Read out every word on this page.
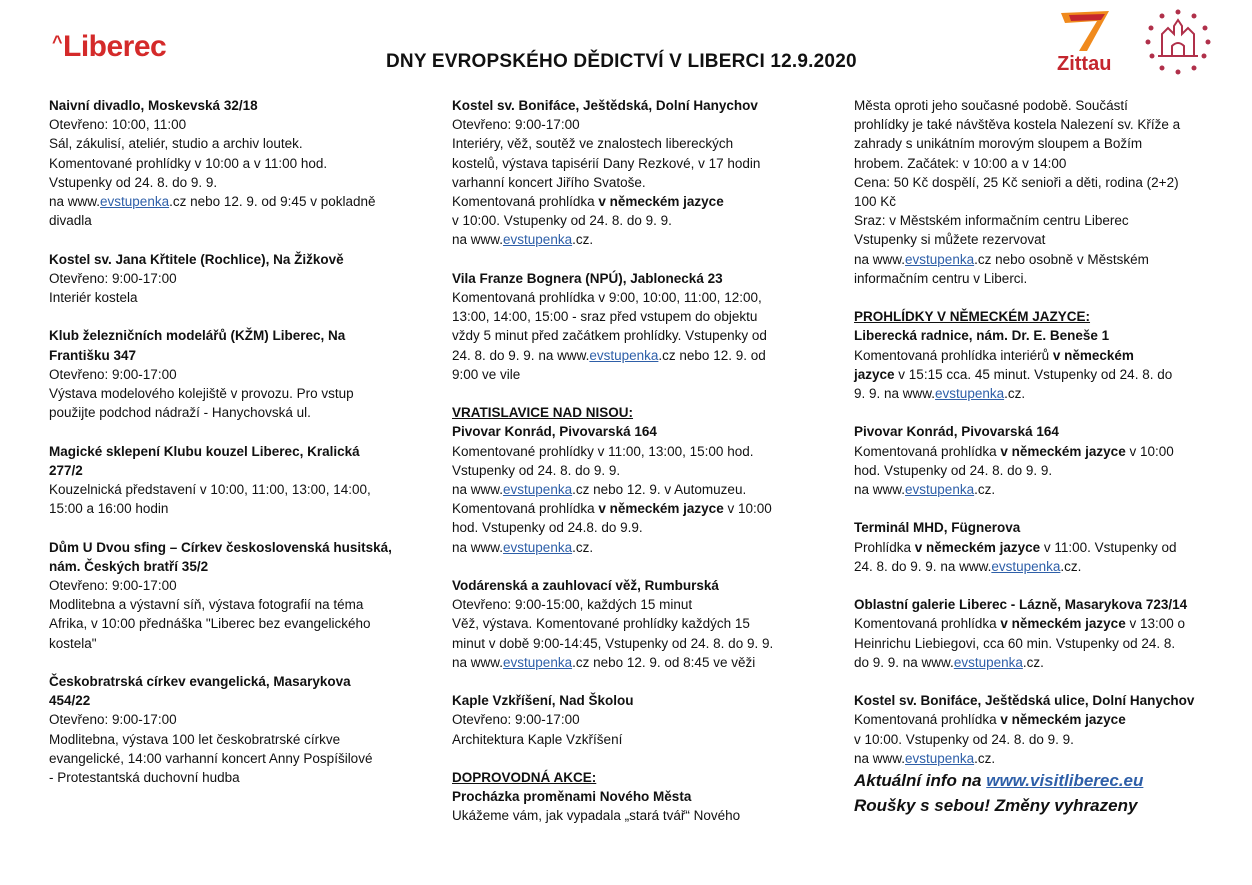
^Liberec	DNY EVROPSKÉHO DĚDICTVÍ V LIBERCI 12.9.2020	Zittau
Naivní divadlo, Moskevská 32/18
Otevřeno: 10:00, 11:00
Sál, zákulisí, ateliér, studio a archiv loutek.
Komentované prohlídky v 10:00 a v 11:00 hod.
Vstupenky od 24. 8. do 9. 9.
na www.evstupenka.cz nebo 12. 9. od 9:45 v pokladně
divadla
Kostel sv. Jana Křtitele (Rochlice), Na Žižkově
Otevřeno: 9:00-17:00
Interiér kostela
Klub železničních modelářů (KŽM) Liberec, Na
Františku 347
Otevřeno: 9:00-17:00
Výstava modelového kolejiště v provozu. Pro vstup
použijte podchod nádraží - Hanychovská ul.
Magické sklepení Klubu kouzel Liberec, Kralická
277/2
Kouzelnická představení v 10:00, 11:00, 13:00, 14:00,
15:00 a 16:00 hodin
Dům U Dvou sfing – Církev československá husitská,
nám. Českých bratří 35/2
Otevřeno: 9:00-17:00
Modlitebna a výstavní síň, výstava fotografií na téma
Afrika, v 10:00 přednáška "Liberec bez evangelického
kostela"
Českobratrská církev evangelická, Masarykova
454/22
Otevřeno: 9:00-17:00
Modlitebna, výstava 100 let českobratrské církve
evangelické, 14:00 varhanní koncert Anny Pospíšilové
- Protestantská duchovní hudba
Kostel sv. Bonifáce, Ještědská, Dolní Hanychov
Otevřeno: 9:00-17:00
Interiéry, věž, soutěž ve znalostech libereckých
kostelů, výstava tapisérií Dany Rezkové, v 17 hodin
varhanní koncert Jiřího Svatoše.
Komentovaná prohlídka v německém jazyce
v 10:00. Vstupenky od 24. 8. do 9. 9.
na www.evstupenka.cz.
Vila Franze Bognera (NPÚ), Jablonecká 23
Komentovaná prohlídka v 9:00, 10:00, 11:00, 12:00,
13:00, 14:00, 15:00 - sraz před vstupem do objektu
vždy 5 minut před začátkem prohlídky. Vstupenky od
24. 8. do 9. 9. na www.evstupenka.cz nebo 12. 9. od
9:00 ve vile
VRATISLAVICE NAD NISOU:
Pivovar Konrád, Pivovarská 164
Komentované prohlídky v 11:00, 13:00, 15:00 hod.
Vstupenky od 24. 8. do 9. 9.
na www.evstupenka.cz nebo 12. 9. v Automuzeu.
Komentovaná prohlídka v německém jazyce v 10:00
hod. Vstupenky od 24.8. do 9.9.
na www.evstupenka.cz.
Vodárenská a zauhlovací věž, Rumburská
Otevřeno: 9:00-15:00, každých 15 minut
Věž, výstava. Komentované prohlídky každých 15
minut v době 9:00-14:45, Vstupenky od 24. 8. do 9. 9.
na www.evstupenka.cz nebo 12. 9. od 8:45 ve věži
Kaple Vzkříšení, Nad Školou
Otevřeno: 9:00-17:00
Architektura Kaple Vzkříšení
DOPROVODNÁ AKCE:
Procházka proměnami Nového Města
Ukážeme vám, jak vypadala „stará tvář“ Nového
Města oproti jeho současné podobě. Součástí
prohlídky je také návštěva kostela Nalezení sv. Kříže a
zahrady s unikátním morovým sloupem a Božím
hrobem. Začátek: v 10:00 a v 14:00
Cena: 50 Kč dospělí, 25 Kč senioři a děti, rodina (2+2)
100 Kč
Sraz: v Městském informačním centru Liberec
Vstupenky si můžete rezervovat
na www.evstupenka.cz nebo osobně v Městském
informačním centru v Liberci.
PROHLÍDKY V NĚMECKÉM JAZYCE:
Liberecká radnice, nám. Dr. E. Beneše 1
Komentovaná prohlídka interiérů v německém
jazyce v 15:15 cca. 45 minut. Vstupenky od 24. 8. do
9. 9. na www.evstupenka.cz.
Pivovar Konrád, Pivovarská 164
Komentovaná prohlídka v německém jazyce v 10:00
hod. Vstupenky od 24. 8. do 9. 9.
na www.evstupenka.cz.
Terminál MHD, Fügnerova
Prohlídka v německém jazyce v 11:00. Vstupenky od
24. 8. do 9. 9. na www.evstupenka.cz.
Oblastní galerie Liberec - Lázně, Masarykova 723/14
Komentovaná prohlídka v německém jazyce v 13:00 o
Heinrichu Liebiegovi, cca 60 min. Vstupenky od 24. 8.
do 9. 9. na www.evstupenka.cz.
Kostel sv. Bonifáce, Ještědská ulice, Dolní Hanychov
Komentovaná prohlídka v německém jazyce
v 10:00. Vstupenky od 24. 8. do 9. 9.
na www.evstupenka.cz.
Aktuální info na www.visitliberec.eu
Roušky s sebou! Změny vyhrazeny
